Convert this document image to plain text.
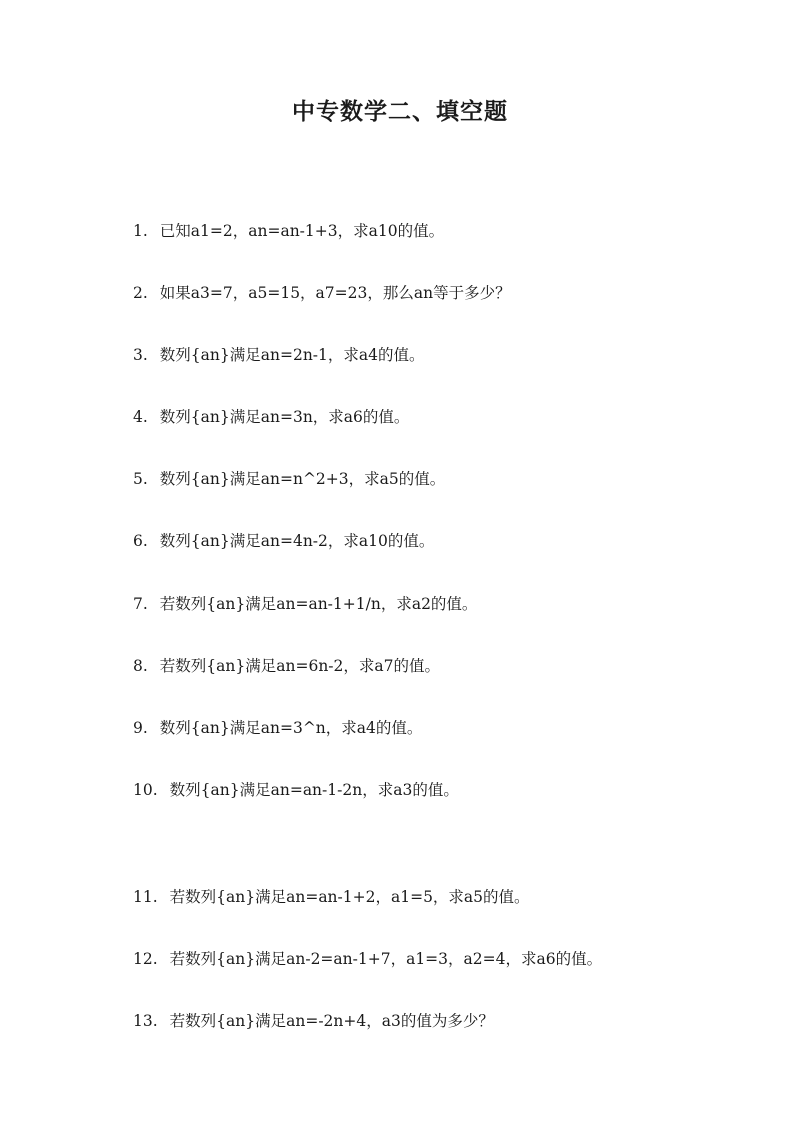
中专数学二、填空题
1. 已知a1=2，an=an-1+3，求a10的值。
2. 如果a3=7，a5=15，a7=23，那么an等于多少？
3. 数列{an}满足an=2n-1，求a4的值。
4. 数列{an}满足an=3n，求a6的值。
5. 数列{an}满足an=n^2+3，求a5的值。
6. 数列{an}满足an=4n-2，求a10的值。
7. 若数列{an}满足an=an-1+1/n，求a2的值。
8. 若数列{an}满足an=6n-2，求a7的值。
9. 数列{an}满足an=3^n，求a4的值。
10. 数列{an}满足an=an-1-2n，求a3的值。
11. 若数列{an}满足an=an-1+2，a1=5，求a5的值。
12. 若数列{an}满足an-2=an-1+7，a1=3，a2=4，求a6的值。
13. 若数列{an}满足an=-2n+4，a3的值为多少？
